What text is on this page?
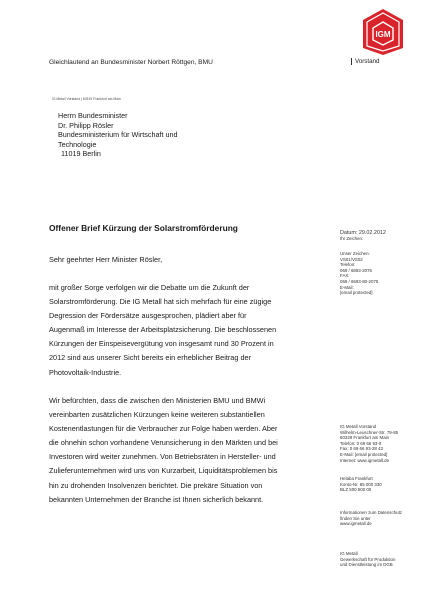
IGM
Gleichlautend an Bundesminister Norbert Röttgen, BMU	Vorstand
IG Metall Vorstand | 60519 Frankfurt am Main
Herrn Bundesminister
Dr. Philipp Rösler
Bundesministerium für Wirtschaft und
Technologie
11019 Berlin
Offener Brief Kürzung der Solarstromförderung
Sehr geehrter Herr Minister Rösler,
mit großer Sorge verfolgen wir die Debatte um die Zukunft der
Solarstromförderung. Die IG Metall hat sich mehrfach für eine zügige
Degression der Fördersätze ausgesprochen, plädiert aber für
Augenmaß im Interesse der Arbeitsplatzsicherung. Die beschlossenen
Kürzungen der Einspeisevergütung von insgesamt rund 30 Prozent in
2012 sind aus unserer Sicht bereits ein erheblicher Beitrag der
Photovoltaik-Industrie.
Wir befürchten, dass die zwischen den Ministerien BMU und BMWi
vereinbarten zusätzlichen Kürzungen keine weiteren substantiellen
Kostenentlastungen für die Verbraucher zur Folge haben werden. Aber
die ohnehin schon vorhandene Verunsicherung in den Märkten und bei
Investoren wird weiter zunehmen. Von Betriebsräten in Hersteller- und
Zulieferunternehmen wird uns von Kurzarbeit, Liquiditätsproblemen bis
hin zu drohenden Insolvenzen berichtet. Die prekäre Situation von
bekannten Unternehmen der Branche ist Ihnen sicherlich bekannt.
Datum: 29.02.2012
Ihr Zeichen:
Unser Zeichen:
VS01/VS02
Telefon:
069 / 6693-2076
FAX:
069 / 6693-80-2075
E-Mail:
[email protected]
IG Metall Vorstand
Wilhelm-Leuschner-Str. 79-85
60329 Frankfurt am Main
Telefon: 0 69 66 93-0
Fax: 0 69 66 93-28 43
E-Mail: [email protected]
Internet: www.igmetall.de
Helaba Frankfurt
Konto-Nr. 85 000 330
BLZ 500 500 00
Informationen zum Datenschutz
finden Sie unter
www.igmetall.de
IG Metall
Gewerkschaft für Produktion
und Dienstleistung im DGB
